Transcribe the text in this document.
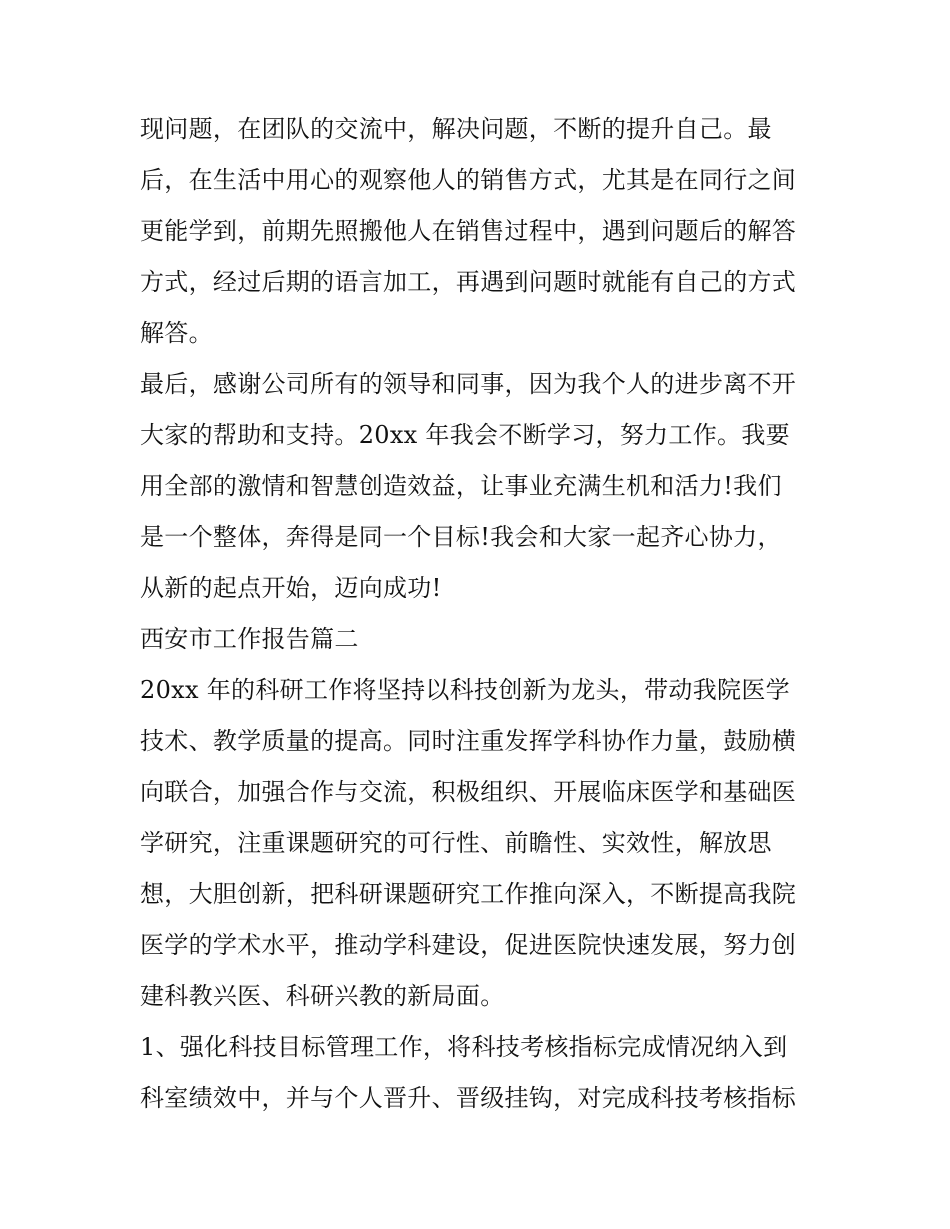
现问题，在团队的交流中，解决问题，不断的提升自己。最
后，在生活中用心的观察他人的销售方式，尤其是在同行之间
更能学到，前期先照搬他人在销售过程中，遇到问题后的解答
方式，经过后期的语言加工，再遇到问题时就能有自己的方式
解答。
最后，感谢公司所有的领导和同事，因为我个人的进步离不开
大家的帮助和支持。20xx 年我会不断学习，努力工作。我要
用全部的激情和智慧创造效益，让事业充满生机和活力!我们
是一个整体，奔得是同一个目标!我会和大家一起齐心协力，
从新的起点开始，迈向成功!
西安市工作报告篇二
20xx 年的科研工作将坚持以科技创新为龙头，带动我院医学
技术、教学质量的提高。同时注重发挥学科协作力量，鼓励横
向联合，加强合作与交流，积极组织、开展临床医学和基础医
学研究，注重课题研究的可行性、前瞻性、实效性，解放思
想，大胆创新，把科研课题研究工作推向深入，不断提高我院
医学的学术水平，推动学科建设，促进医院快速发展，努力创
建科教兴医、科研兴教的新局面。
1、强化科技目标管理工作，将科技考核指标完成情况纳入到
科室绩效中，并与个人晋升、晋级挂钩，对完成科技考核指标
